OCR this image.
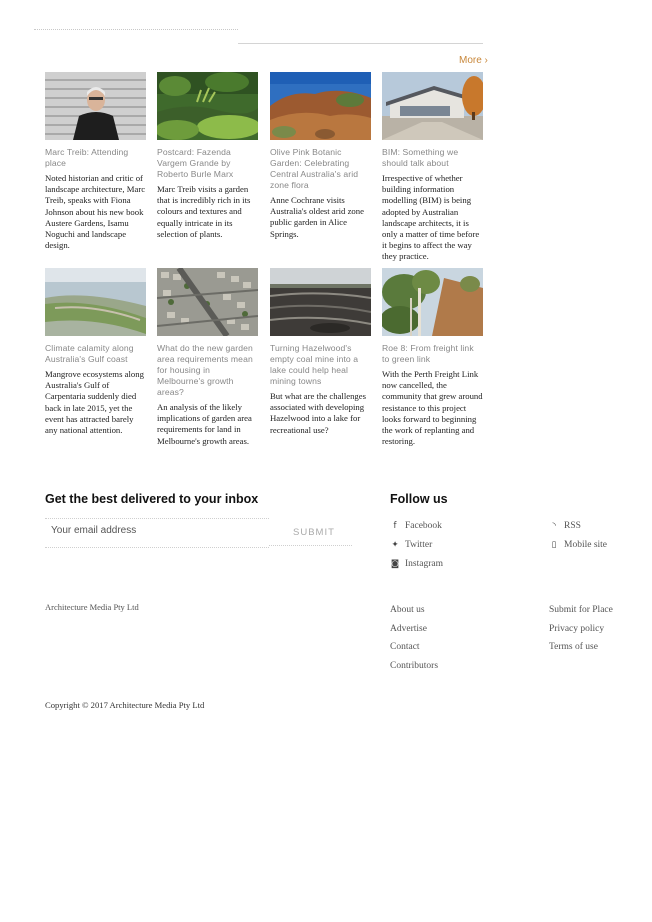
More ›
Marc Treib: Attending place
Noted historian and critic of landscape architecture, Marc Treib, speaks with Fiona Johnson about his new book Austere Gardens, Isamu Noguchi and landscape design.
Postcard: Fazenda Vargem Grande by Roberto Burle Marx
Marc Treib visits a garden that is incredibly rich in its colours and textures and equally intricate in its selection of plants.
Olive Pink Botanic Garden: Celebrating Central Australia's arid zone flora
Anne Cochrane visits Australia's oldest arid zone public garden in Alice Springs.
BIM: Something we should talk about
Irrespective of whether building information modelling (BIM) is being adopted by Australian landscape architects, it is only a matter of time before it begins to affect the way they practice.
Climate calamity along Australia's Gulf coast
Mangrove ecosystems along Australia's Gulf of Carpentaria suddenly died back in late 2015, yet the event has attracted barely any national attention.
What do the new garden area requirements mean for housing in Melbourne's growth areas?
An analysis of the likely implications of garden area requirements for land in Melbourne's growth areas.
Turning Hazelwood's empty coal mine into a lake could help heal mining towns
But what are the challenges associated with developing Hazelwood into a lake for recreational use?
Roe 8: From freight link to green link
With the Perth Freight Link now cancelled, the community that grew around resistance to this project looks forward to beginning the work of replanting and restoring.
Get the best delivered to your inbox
Your email address
SUBMIT
Follow us
f Facebook
✦ Twitter
◙ Instagram
◝ RSS
▯ Mobile site
Architecture Media Pty Ltd	About us
Advertise
Contact
Contributors
Submit for Place
Privacy policy
Terms of use
Copyright © 2017 Architecture Media Pty Ltd
